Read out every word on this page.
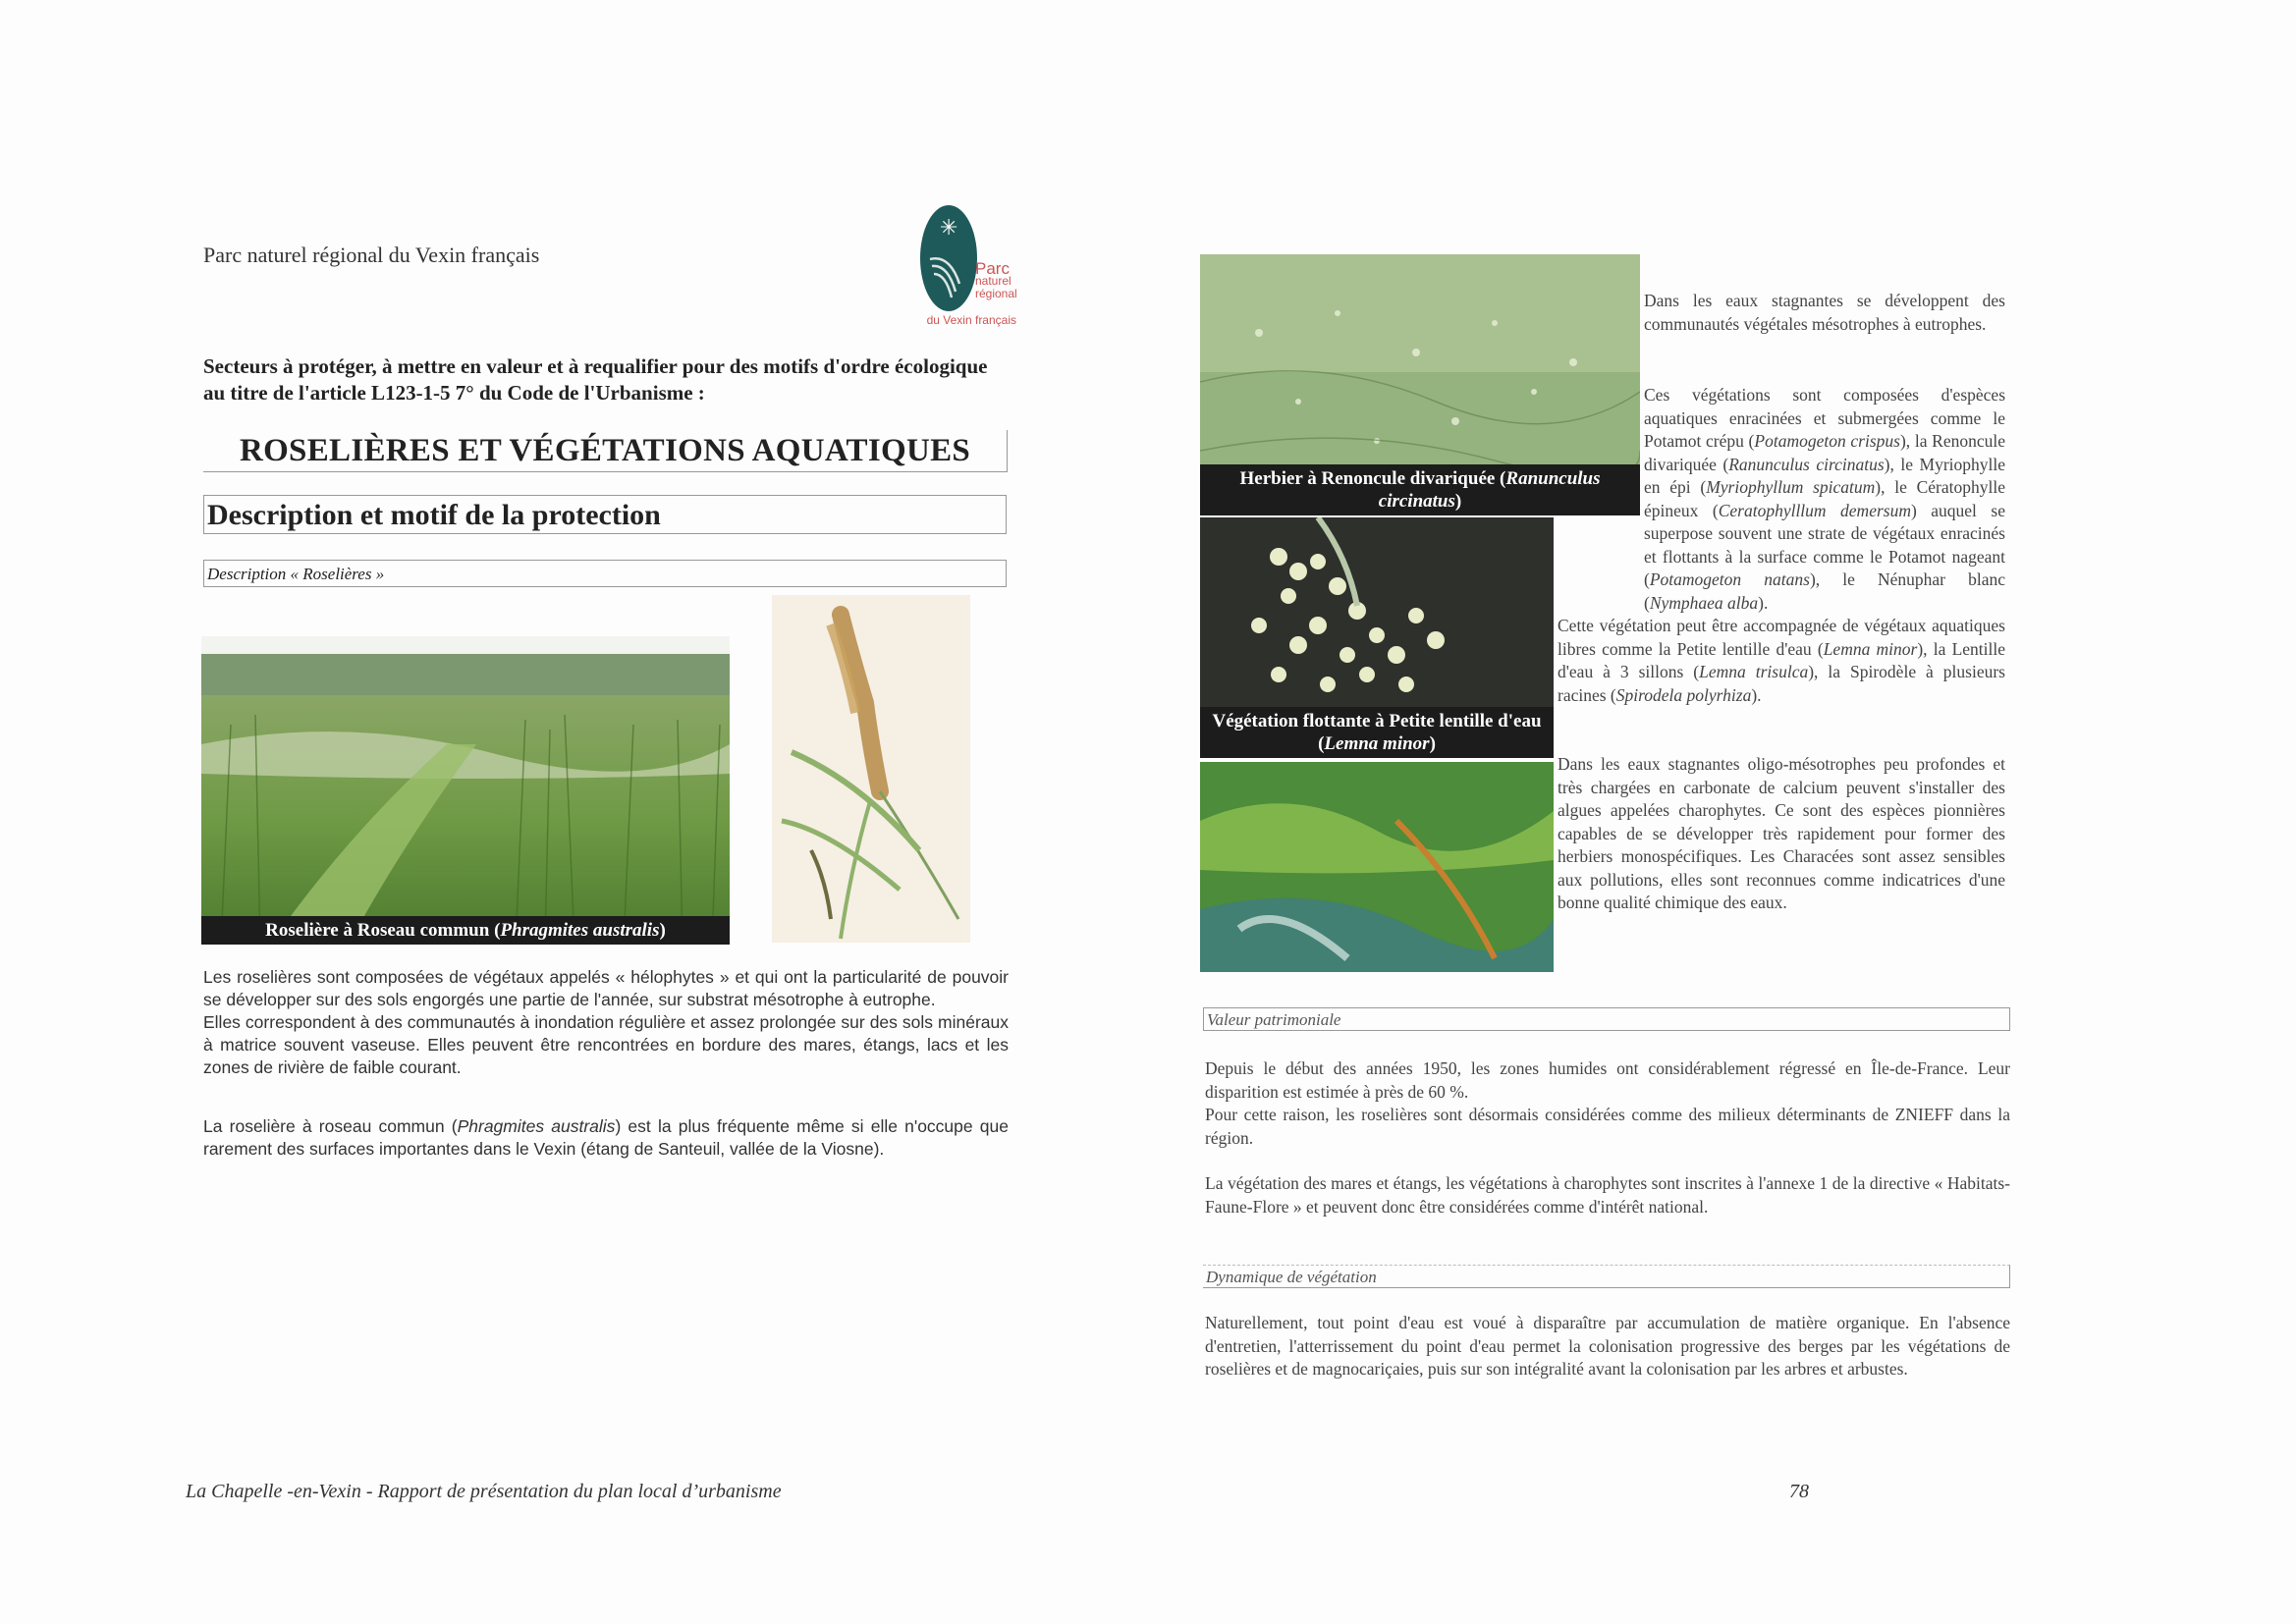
Parc naturel régional du Vexin français
✳
Parc
naturel
régional
du Vexin français
Secteurs à protéger, à mettre en valeur et à requalifier pour des motifs d'ordre écologique au titre de l'article L123-1-5 7° du Code de l'Urbanisme :
ROSELIÈRES ET VÉGÉTATIONS AQUATIQUES
Description et motif de la protection
Description « Roselières »
Roselière à Roseau commun (Phragmites australis)

Les roselières sont composées de végétaux appelés « hélophytes » et qui ont la particularité de pouvoir se développer sur des sols engorgés une partie de l'année, sur substrat mésotrophe à eutrophe.

Elles correspondent à des communautés à inondation régulière et assez prolongée sur des sols minéraux à matrice souvent vaseuse. Elles peuvent être rencontrées en bordure des mares, étangs, lacs et les zones de rivière de faible courant.

La roselière à roseau commun (Phragmites australis) est la plus fréquente même si elle n'occupe que rarement des surfaces importantes dans le Vexin (étang de Santeuil, vallée de la Viosne).
Herbier à Renoncule divariquée (Ranunculus circinatus)
Végétation flottante à Petite lentille d'eau (Lemna minor)
Dans les eaux stagnantes se développent des communautés végétales mésotrophes à eutrophes.
Ces végétations sont composées d'espèces aquatiques enracinées et submergées comme le Potamot crépu (Potamogeton crispus), la Renoncule divariquée (Ranunculus circinatus), le Myriophylle en épi (Myriophyllum spicatum), le Cératophylle épineux (Ceratophylllum demersum) auquel se superpose souvent une strate de végétaux enracinés et flottants à la surface comme le Potamot nageant (Potamogeton natans), le Nénuphar blanc (Nymphaea alba).
Cette végétation peut être accompagnée de végétaux aquatiques libres comme la Petite lentille d'eau (Lemna minor), la Lentille d'eau à 3 sillons (Lemna trisulca), la Spirodèle à plusieurs racines (Spirodela polyrhiza).
Dans les eaux stagnantes oligo-mésotrophes peu profondes et très chargées en carbonate de calcium peuvent s'installer des algues appelées charophytes. Ce sont des espèces pionnières capables de se développer très rapidement pour former des herbiers monospécifiques. Les Characées sont assez sensibles aux pollutions, elles sont reconnues comme indicatrices d'une bonne qualité chimique des eaux.
Valeur patrimoniale

Depuis le début des années 1950, les zones humides ont considérablement régressé en Île-de-France. Leur disparition est estimée à près de 60 %.

Pour cette raison, les roselières sont désormais considérées comme des milieux déterminants de ZNIEFF dans la région.

La végétation des mares et étangs, les végétations à charophytes sont inscrites à l'annexe 1 de la directive « Habitats-Faune-Flore » et peuvent donc être considérées comme d'intérêt national.

Dynamique de végétation
Naturellement, tout point d'eau est voué à disparaître par accumulation de matière organique. En l'absence d'entretien, l'atterrissement du point d'eau permet la colonisation progressive des berges par les végétations de roselières et de magnocariçaies, puis sur son intégralité avant la colonisation par les arbres et arbustes.
La Chapelle -en-Vexin - Rapport de présentation du plan local d’urbanisme	78
